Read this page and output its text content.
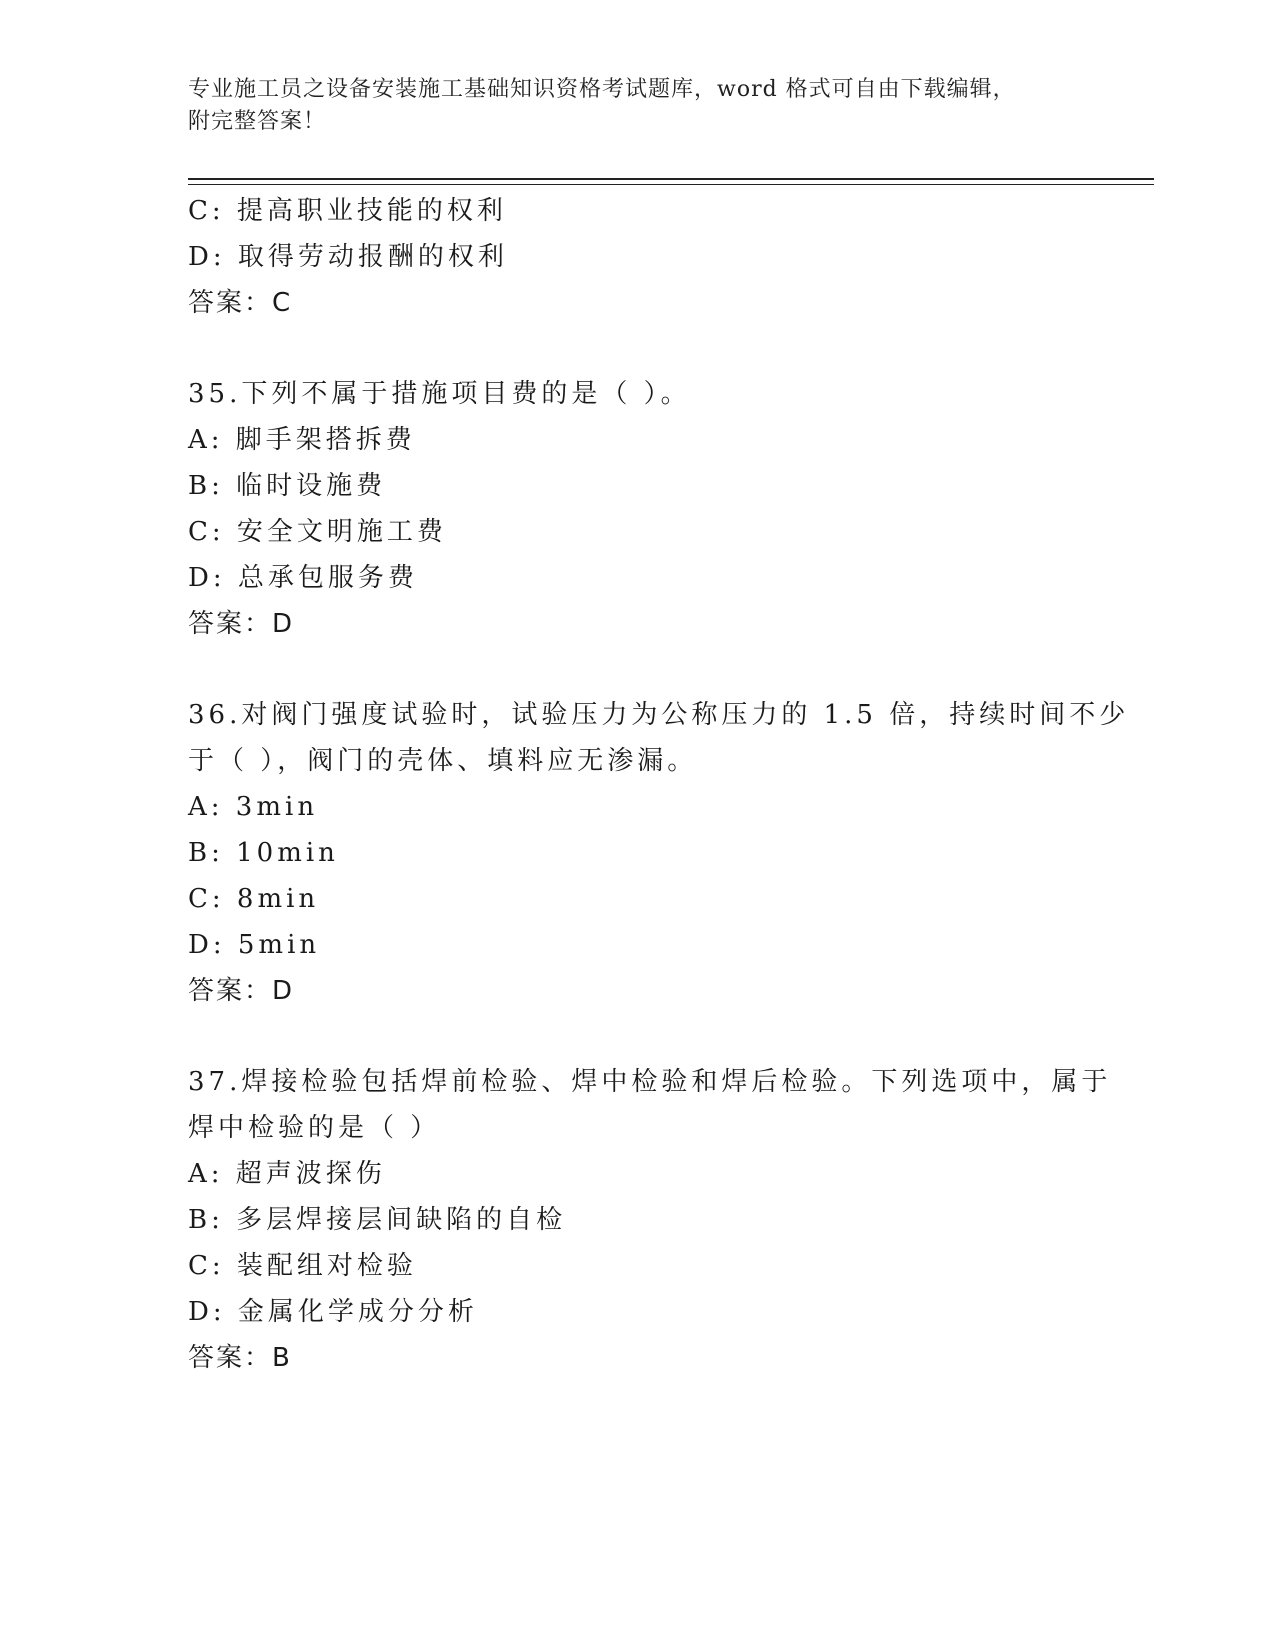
专业施工员之设备安装施工基础知识资格考试题库，word 格式可自由下载编辑，
附完整答案！
C: 提高职业技能的权利
D: 取得劳动报酬的权利
答案：C
35.下列不属于措施项目费的是（ ）。
A: 脚手架搭拆费
B: 临时设施费
C: 安全文明施工费
D: 总承包服务费
答案：D
36.对阀门强度试验时，试验压力为公称压力的 1.5 倍，持续时间不少
于（ ），阀门的壳体、填料应无渗漏。
A: 3min
B: 10min
C: 8min
D: 5min
答案：D
37.焊接检验包括焊前检验、焊中检验和焊后检验。下列选项中，属于
焊中检验的是（ ）
A: 超声波探伤
B: 多层焊接层间缺陷的自检
C: 装配组对检验
D: 金属化学成分分析
答案：B
